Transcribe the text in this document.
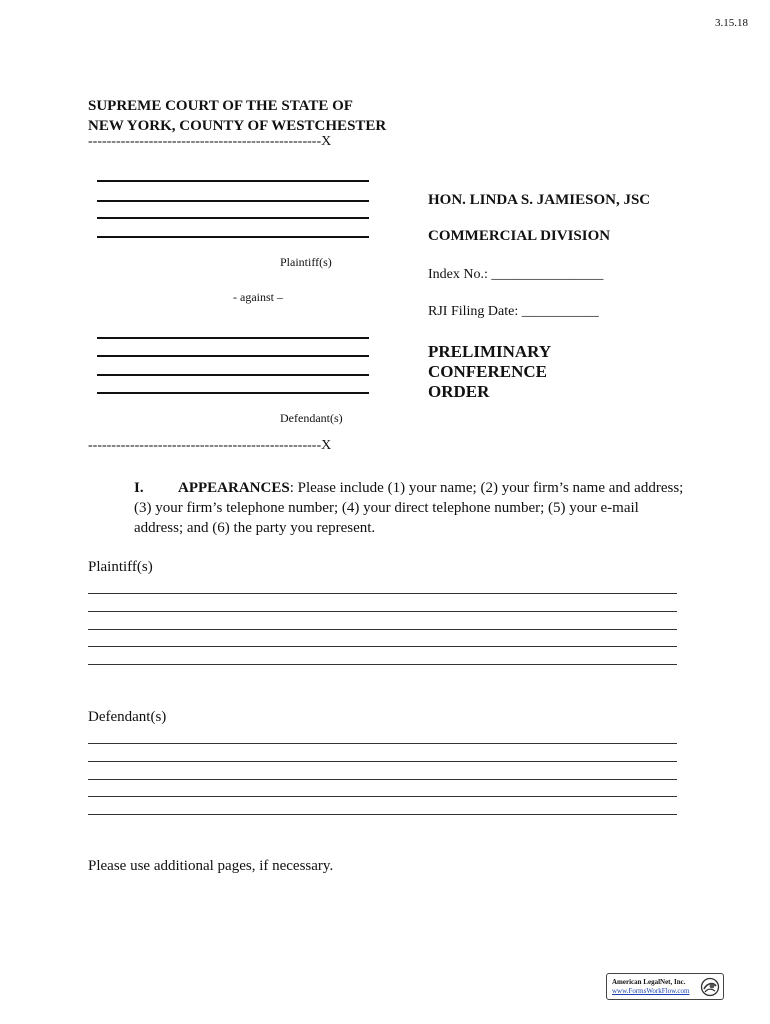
3.15.18
SUPREME COURT OF THE STATE OF
NEW YORK, COUNTY OF WESTCHESTER
--------------------------------------------------X
Plaintiff(s)
- against –
Defendant(s)
--------------------------------------------------X
HON. LINDA S. JAMIESON, JSC
COMMERCIAL DIVISION
Index No.: ________________
RJI Filing Date: ___________
PRELIMINARY
CONFERENCE
ORDER
I. APPEARANCES: Please include (1) your name; (2) your firm’s name and address; (3) your firm’s telephone number; (4) your direct telephone number; (5) your e-mail address; and (6) the party you represent.
Plaintiff(s)
Defendant(s)
Please use additional pages, if necessary.
American LegalNet, Inc.
www.FormsWorkFlow.com
